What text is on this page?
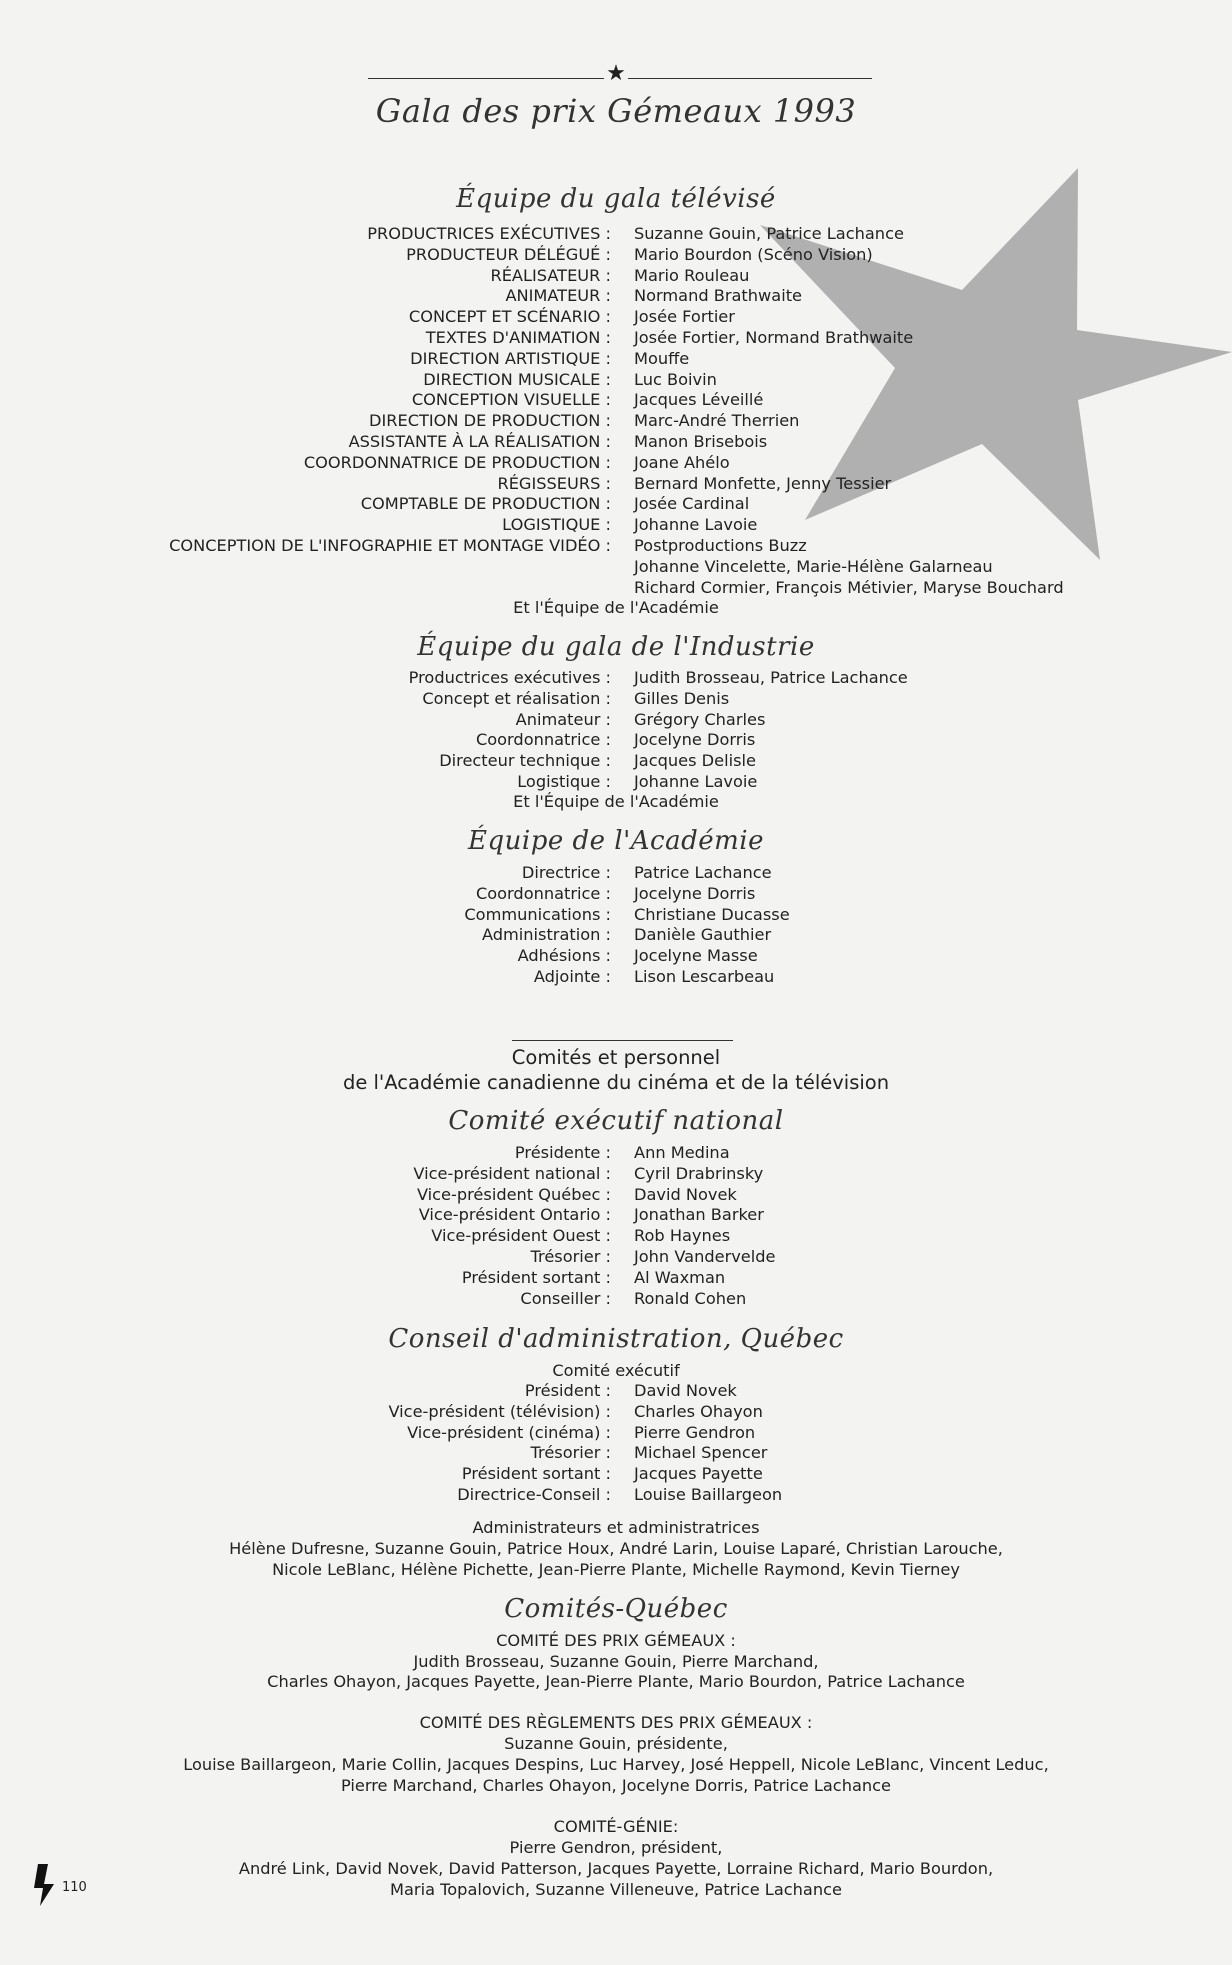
★
Gala des prix Gémeaux 1993
Équipe du gala télévisé
PRODUCTRICES EXÉCUTIVES : Suzanne Gouin, Patrice Lachance
PRODUCTEUR DÉLÉGUÉ : Mario Bourdon (Scéno Vision)
RÉALISATEUR : Mario Rouleau
ANIMATEUR : Normand Brathwaite
CONCEPT ET SCÉNARIO : Josée Fortier
TEXTES D'ANIMATION : Josée Fortier, Normand Brathwaite
DIRECTION ARTISTIQUE : Mouffe
DIRECTION MUSICALE : Luc Boivin
CONCEPTION VISUELLE : Jacques Léveillé
DIRECTION DE PRODUCTION : Marc-André Therrien
ASSISTANTE À LA RÉALISATION : Manon Brisebois
COORDONNATRICE DE PRODUCTION : Joane Ahélo
RÉGISSEURS : Bernard Monfette, Jenny Tessier
COMPTABLE DE PRODUCTION : Josée Cardinal
LOGISTIQUE : Johanne Lavoie
CONCEPTION DE L'INFOGRAPHIE ET MONTAGE VIDÉO : Postproductions Buzz
Johanne Vincelette, Marie-Hélène Galarneau
Richard Cormier, François Métivier, Maryse Bouchard
Et l'Équipe de l'Académie
Équipe du gala de l'Industrie
Productrices exécutives : Judith Brosseau, Patrice Lachance
Concept et réalisation : Gilles Denis
Animateur : Grégory Charles
Coordonnatrice : Jocelyne Dorris
Directeur technique : Jacques Delisle
Logistique : Johanne Lavoie
Et l'Équipe de l'Académie
Équipe de l'Académie
Directrice : Patrice Lachance
Coordonnatrice : Jocelyne Dorris
Communications : Christiane Ducasse
Administration : Danièle Gauthier
Adhésions : Jocelyne Masse
Adjointe : Lison Lescarbeau
Comités et personnel
de l'Académie canadienne du cinéma et de la télévision
Comité exécutif national
Présidente : Ann Medina
Vice-président national : Cyril Drabrinsky
Vice-président Québec : David Novek
Vice-président Ontario : Jonathan Barker
Vice-président Ouest : Rob Haynes
Trésorier : John Vandervelde
Président sortant : Al Waxman
Conseiller : Ronald Cohen
Conseil d'administration, Québec
Comité exécutif
Président : David Novek
Vice-président (télévision) : Charles Ohayon
Vice-président (cinéma) : Pierre Gendron
Trésorier : Michael Spencer
Président sortant : Jacques Payette
Directrice-Conseil : Louise Baillargeon
Administrateurs et administratrices
Hélène Dufresne, Suzanne Gouin, Patrice Houx, André Larin, Louise Laparé, Christian Larouche,
Nicole LeBlanc, Hélène Pichette, Jean-Pierre Plante, Michelle Raymond, Kevin Tierney
Comités-Québec
COMITÉ DES PRIX GÉMEAUX :
Judith Brosseau, Suzanne Gouin, Pierre Marchand,
Charles Ohayon, Jacques Payette, Jean-Pierre Plante, Mario Bourdon, Patrice Lachance
COMITÉ DES RÈGLEMENTS DES PRIX GÉMEAUX :
Suzanne Gouin, présidente,
Louise Baillargeon, Marie Collin, Jacques Despins, Luc Harvey, José Heppell, Nicole LeBlanc, Vincent Leduc,
Pierre Marchand, Charles Ohayon, Jocelyne Dorris, Patrice Lachance
COMITÉ-GÉNIE:
Pierre Gendron, président,
André Link, David Novek, David Patterson, Jacques Payette, Lorraine Richard, Mario Bourdon,
Maria Topalovich, Suzanne Villeneuve, Patrice Lachance
110
